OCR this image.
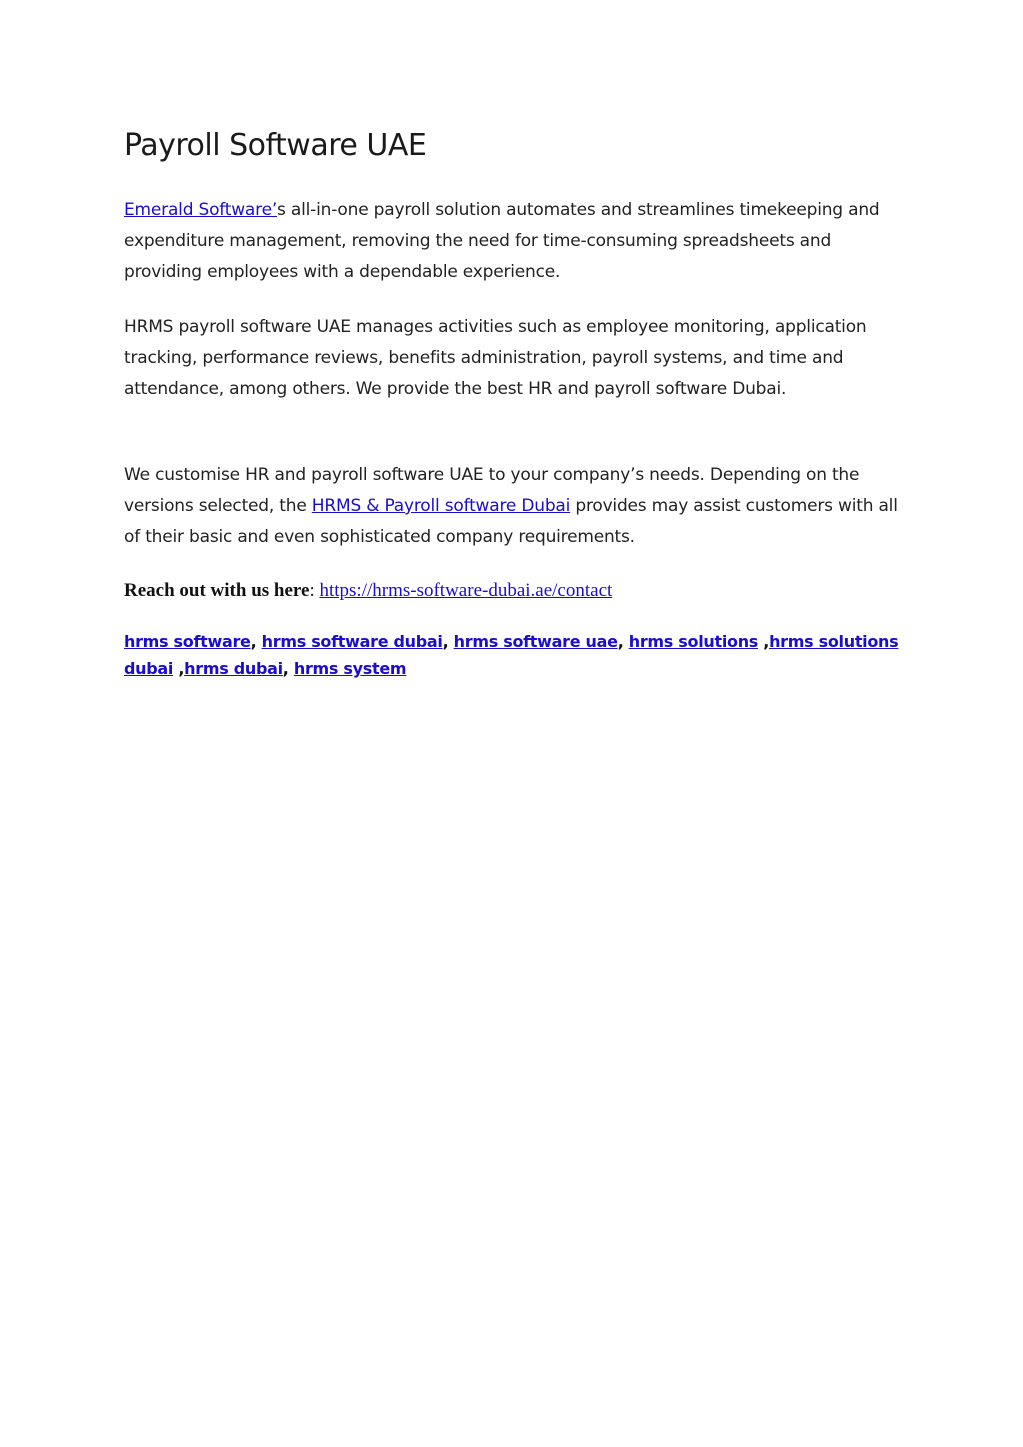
Payroll Software UAE

Emerald Software’s all-in-one payroll solution automates and streamlines timekeeping and expenditure management, removing the need for time-consuming spreadsheets and providing employees with a dependable experience.

HRMS payroll software UAE manages activities such as employee monitoring, application tracking, performance reviews, benefits administration, payroll systems, and time and attendance, among others. We provide the best HR and payroll software Dubai.

We customise HR and payroll software UAE to your company’s needs. Depending on the versions selected, the HRMS & Payroll software Dubai provides may assist customers with all of their basic and even sophisticated company requirements.

Reach out with us here: https://hrms-software-dubai.ae/contact

hrms software, hrms software dubai, hrms software uae, hrms solutions ,hrms solutions dubai ,hrms dubai, hrms system
